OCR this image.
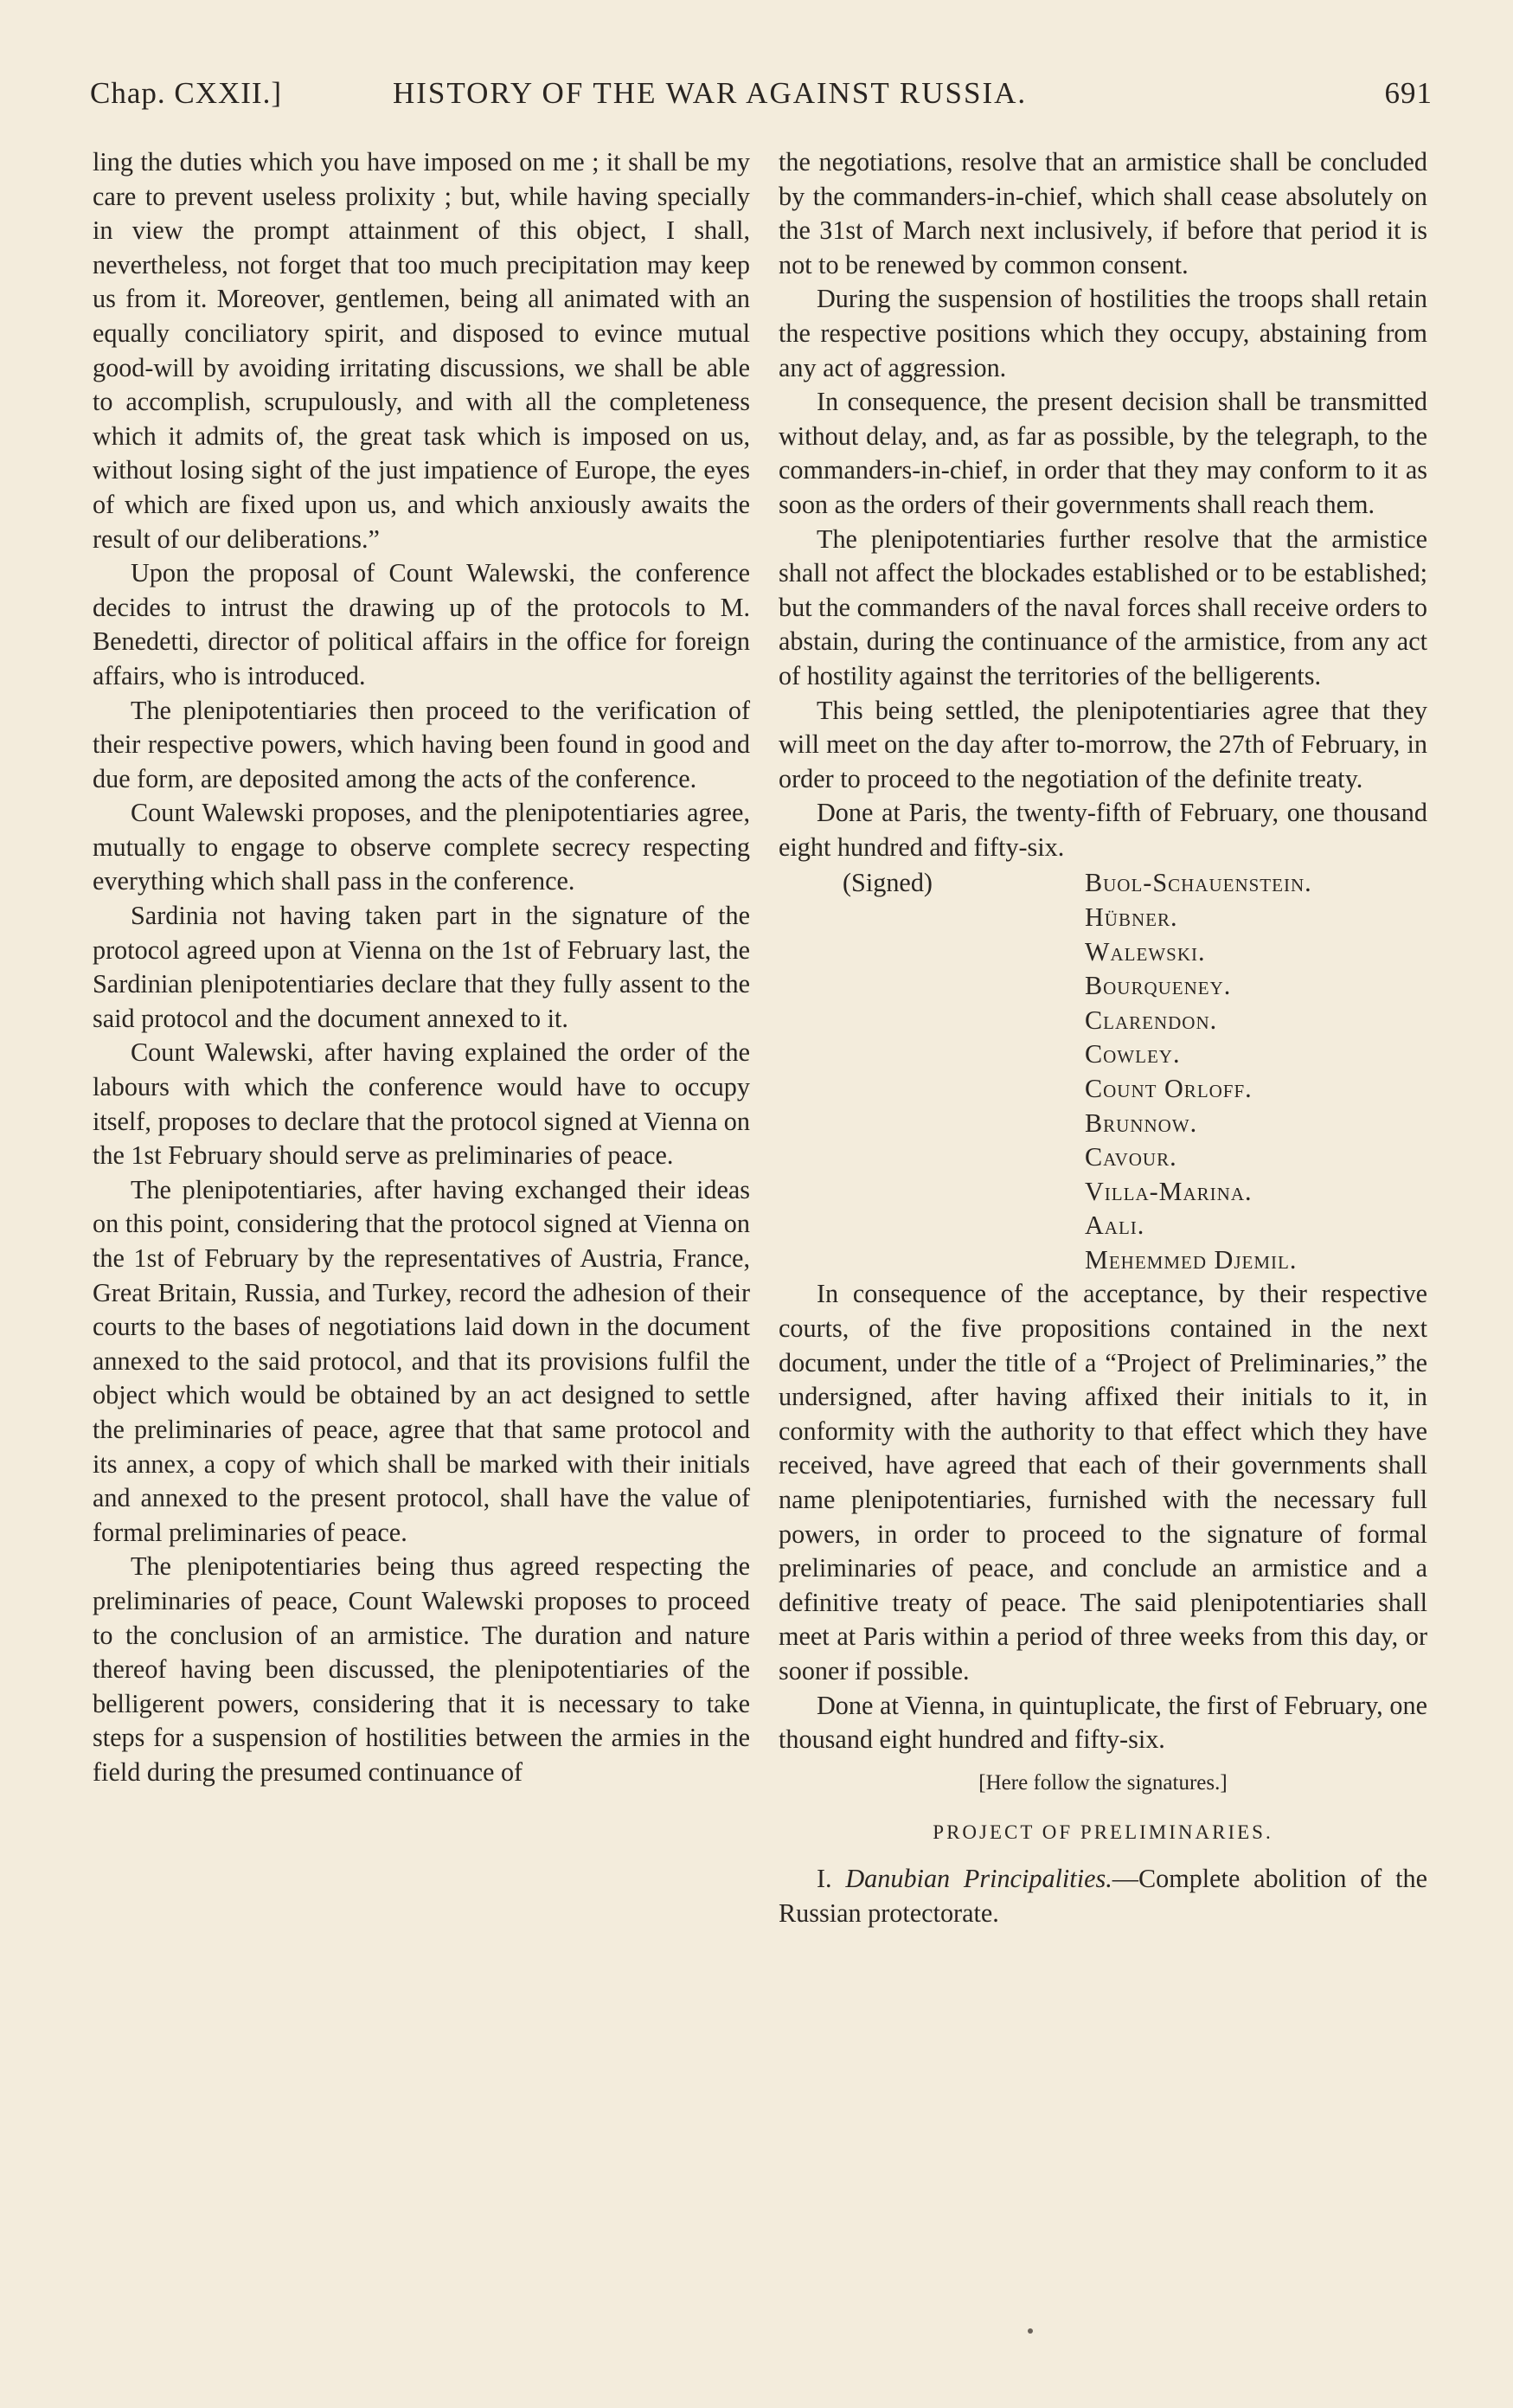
Chap. CXXII.]	HISTORY OF THE WAR AGAINST RUSSIA.	691

ling the duties which you have imposed on me ; it shall be my care to prevent useless prolixity ; but, while having specially in view the prompt attainment of this object, I shall, nevertheless, not forget that too much precipitation may keep us from it. Moreover, gentlemen, being all animated with an equally conciliatory spirit, and disposed to evince mutual good-will by avoiding irritating discussions, we shall be able to accomplish, scrupulously, and with all the completeness which it admits of, the great task which is imposed on us, without losing sight of the just impatience of Europe, the eyes of which are fixed upon us, and which anxiously awaits the result of our deliberations.”

Upon the proposal of Count Walewski, the conference decides to intrust the drawing up of the protocols to M. Benedetti, director of political affairs in the office for foreign affairs, who is introduced.

The plenipotentiaries then proceed to the verification of their respective powers, which having been found in good and due form, are deposited among the acts of the conference.

Count Walewski proposes, and the plenipotentiaries agree, mutually to engage to observe complete secrecy respecting everything which shall pass in the conference.

Sardinia not having taken part in the signature of the protocol agreed upon at Vienna on the 1st of February last, the Sardinian plenipotentiaries declare that they fully assent to the said protocol and the document annexed to it.

Count Walewski, after having explained the order of the labours with which the conference would have to occupy itself, proposes to declare that the protocol signed at Vienna on the 1st February should serve as preliminaries of peace.

The plenipotentiaries, after having exchanged their ideas on this point, considering that the protocol signed at Vienna on the 1st of February by the representatives of Austria, France, Great Britain, Russia, and Turkey, record the adhesion of their courts to the bases of negotiations laid down in the document annexed to the said protocol, and that its provisions fulfil the object which would be obtained by an act designed to settle the preliminaries of peace, agree that that same protocol and its annex, a copy of which shall be marked with their initials and annexed to the present protocol, shall have the value of formal preliminaries of peace.

The plenipotentiaries being thus agreed respecting the preliminaries of peace, Count Walewski proposes to proceed to the conclusion of an armistice. The duration and nature thereof having been discussed, the plenipotentiaries of the belligerent powers, considering that it is necessary to take steps for a suspension of hostilities between the armies in the field during the presumed continuance of

the negotiations, resolve that an armistice shall be concluded by the commanders-in-chief, which shall cease absolutely on the 31st of March next inclusively, if before that period it is not to be renewed by common consent.

During the suspension of hostilities the troops shall retain the respective positions which they occupy, abstaining from any act of aggression.

In consequence, the present decision shall be transmitted without delay, and, as far as possible, by the telegraph, to the commanders-in-chief, in order that they may conform to it as soon as the orders of their governments shall reach them.

The plenipotentiaries further resolve that the armistice shall not affect the blockades established or to be established; but the commanders of the naval forces shall receive orders to abstain, during the continuance of the armistice, from any act of hostility against the territories of the belligerents.

This being settled, the plenipotentiaries agree that they will meet on the day after to-morrow, the 27th of February, in order to proceed to the negotiation of the definite treaty.

Done at Paris, the twenty-fifth of February, one thousand eight hundred and fifty-six.

(Signed)	Buol-Schauenstein.
Hübner.
Walewski.
Bourqueney.
Clarendon.
Cowley.
Count Orloff.
Brunnow.
Cavour.
Villa-Marina.
Aali.
Mehemmed Djemil.

In consequence of the acceptance, by their respective courts, of the five propositions contained in the next document, under the title of a “Project of Preliminaries,” the undersigned, after having affixed their initials to it, in conformity with the authority to that effect which they have received, have agreed that each of their governments shall name plenipotentiaries, furnished with the necessary full powers, in order to proceed to the signature of formal preliminaries of peace, and conclude an armistice and a definitive treaty of peace. The said plenipotentiaries shall meet at Paris within a period of three weeks from this day, or sooner if possible.

Done at Vienna, in quintuplicate, the first of February, one thousand eight hundred and fifty-six.

[Here follow the signatures.]
PROJECT OF PRELIMINARIES.

I. Danubian Principalities.—Complete abolition of the Russian protectorate.
